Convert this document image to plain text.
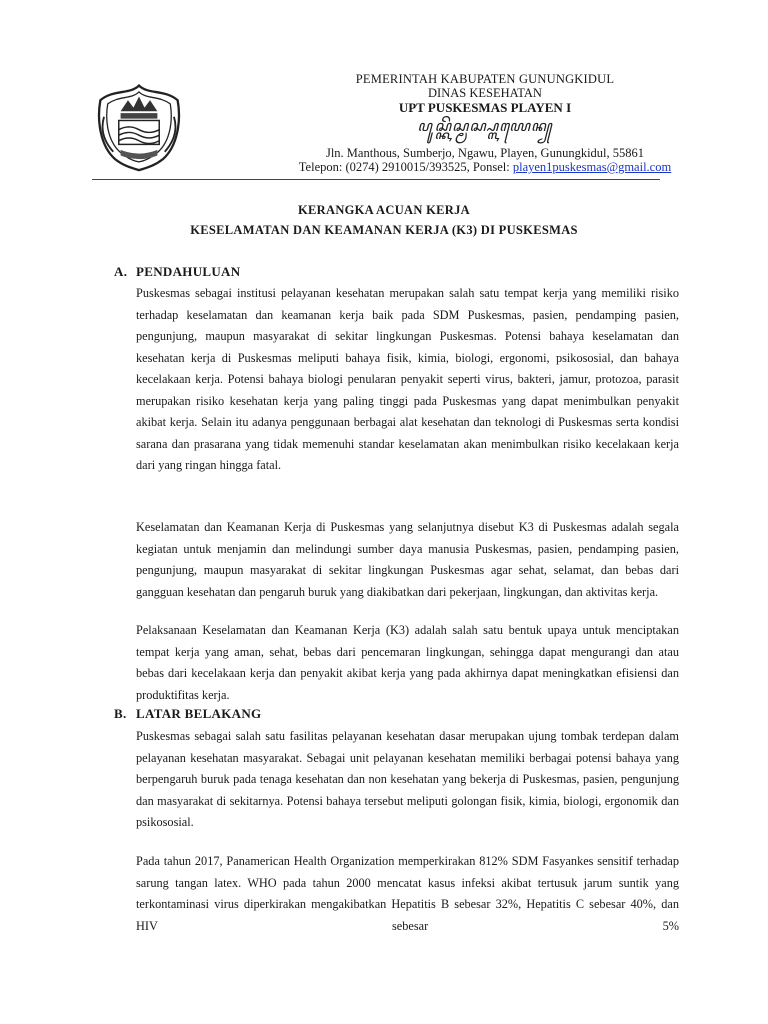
PEMERINTAH KABUPATEN GUNUNGKIDUL
DINAS KESEHATAN
UPT PUSKESMAS PLAYEN I
ꦥꦸꦱ꧀ꦏꦼꦱ꧀ꦩꦱ꧀ꦥ꧀ꦭꦪꦺꦤ꧀
Jln. Manthous, Sumberjo, Ngawu, Playen, Gunungkidul, 55861
Telepon: (0274) 2910015/393525, Ponsel: playen1puskesmas@gmail.com
KERANGKA ACUAN KERJA
KESELAMATAN DAN KEAMANAN KERJA (K3) DI PUSKESMAS
A. PENDAHULUAN

Puskesmas sebagai institusi pelayanan kesehatan merupakan salah satu tempat kerja yang memiliki risiko terhadap keselamatan dan keamanan kerja baik pada SDM Puskesmas, pasien, pendamping pasien, pengunjung, maupun masyarakat di sekitar lingkungan Puskesmas. Potensi bahaya keselamatan dan kesehatan kerja di Puskesmas meliputi bahaya fisik, kimia, biologi, ergonomi, psikososial, dan bahaya kecelakaan kerja. Potensi bahaya biologi penularan penyakit seperti virus, bakteri, jamur, protozoa, parasit merupakan risiko kesehatan kerja yang paling tinggi pada Puskesmas yang dapat menimbulkan penyakit akibat kerja. Selain itu adanya penggunaan berbagai alat kesehatan dan teknologi di Puskesmas serta kondisi sarana dan prasarana yang tidak memenuhi standar keselamatan akan menimbulkan risiko kecelakaan kerja dari yang ringan hingga fatal.

Keselamatan dan Keamanan Kerja di Puskesmas yang selanjutnya disebut K3 di Puskesmas adalah segala kegiatan untuk menjamin dan melindungi sumber daya manusia Puskesmas, pasien, pendamping pasien, pengunjung, maupun masyarakat di sekitar lingkungan Puskesmas agar sehat, selamat, dan bebas dari gangguan kesehatan dan pengaruh buruk yang diakibatkan dari pekerjaan, lingkungan, dan aktivitas kerja.

Pelaksanaan Keselamatan dan Keamanan Kerja (K3) adalah salah satu bentuk upaya untuk menciptakan tempat kerja yang aman, sehat, bebas dari pencemaran lingkungan, sehingga dapat mengurangi dan atau bebas dari kecelakaan kerja dan penyakit akibat kerja yang pada akhirnya dapat meningkatkan efisiensi dan produktifitas kerja.

B. LATAR BELAKANG

Puskesmas sebagai salah satu fasilitas pelayanan kesehatan dasar merupakan ujung tombak terdepan dalam pelayanan kesehatan masyarakat. Sebagai unit pelayanan kesehatan memiliki berbagai potensi bahaya yang berpengaruh buruk pada tenaga kesehatan dan non kesehatan yang bekerja di Puskesmas, pasien, pengunjung dan masyarakat di sekitarnya. Potensi bahaya tersebut meliputi golongan fisik, kimia, biologi, ergonomik dan psikososial.

Pada tahun 2017, Panamerican Health Organization memperkirakan 812% SDM Fasyankes sensitif terhadap sarung tangan latex. WHO pada tahun 2000 mencatat kasus infeksi akibat tertusuk jarum suntik yang terkontaminasi virus diperkirakan mengakibatkan Hepatitis B sebesar 32%, Hepatitis C sebesar 40%, dan HIV sebesar 5%
